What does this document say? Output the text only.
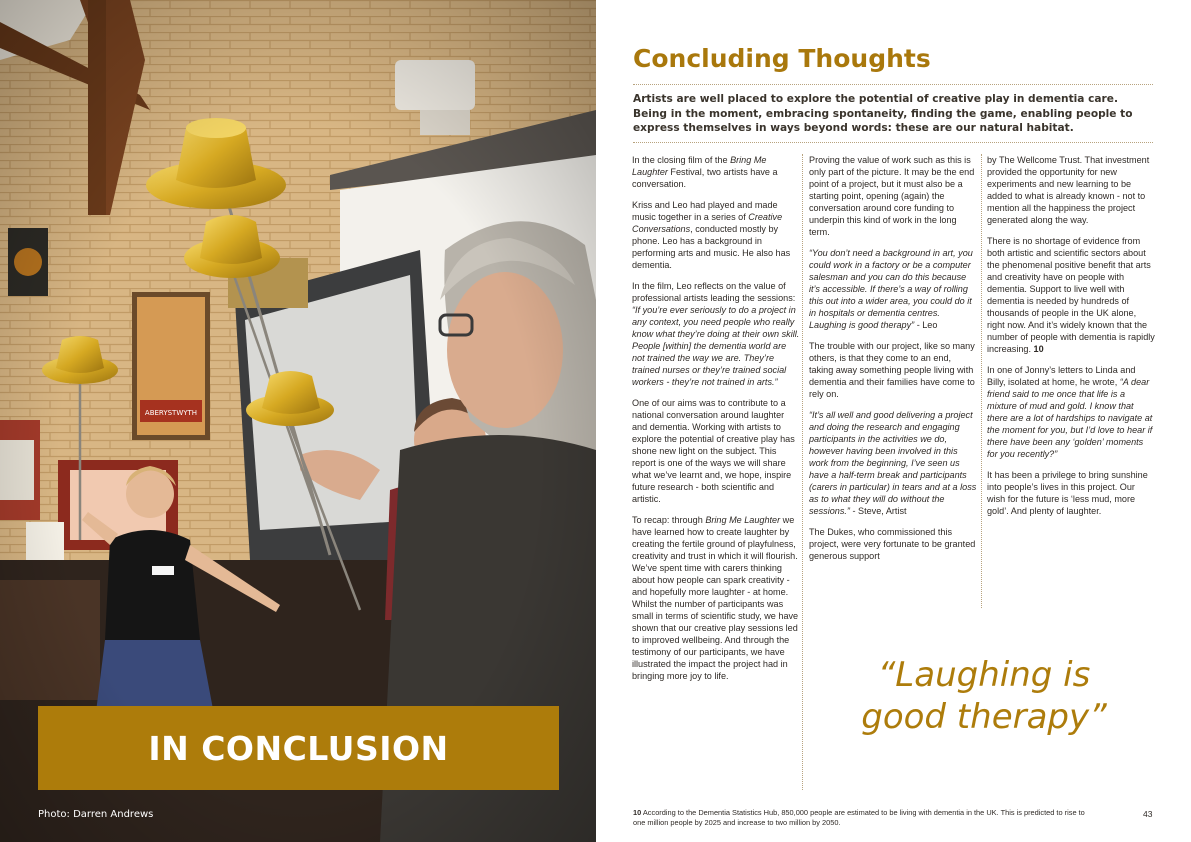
IN CONCLUSION
Photo: Darren Andrews
Concluding Thoughts

Artists are well placed to explore the potential of creative play in dementia care. Being in the moment, embracing spontaneity, finding the game, enabling people to express themselves in ways beyond words: these are our natural habitat.

In the closing film of the Bring Me Laughter Festival, two artists have a conversation.

Kriss and Leo had played and made music together in a series of Creative Conversations, conducted mostly by phone. Leo has a background in performing arts and music. He also has dementia.

In the film, Leo reflects on the value of professional artists leading the sessions:
“If you’re ever seriously to do a project in any context, you need people who really know what they’re doing at their own skill. People [within] the dementia world are not trained the way we are. They’re trained nurses or they’re trained social workers - they’re not trained in arts.”

One of our aims was to contribute to a national conversation around laughter and dementia. Working with artists to explore the potential of creative play has shone new light on the subject. This report is one of the ways we will share what we’ve learnt and, we hope, inspire future research - both scientific and artistic.

To recap: through Bring Me Laughter we have learned how to create laughter by creating the fertile ground of playfulness, creativity and trust in which it will flourish. We’ve spent time with carers thinking about how people can spark creativity - and hopefully more laughter - at home. Whilst the number of participants was small in terms of scientific study, we have shown that our creative play sessions led to improved wellbeing. And through the testimony of our participants, we have illustrated the impact the project had in bringing more joy to life.

Proving the value of work such as this is only part of the picture. It may be the end point of a project, but it must also be a starting point, opening (again) the conversation around core funding to underpin this kind of work in the long term.

“You don’t need a background in art, you could work in a factory or be a computer salesman and you can do this because it’s accessible. If there’s a way of rolling this out into a wider area, you could do it in hospitals or dementia centres. Laughing is good therapy” - Leo

The trouble with our project, like so many others, is that they come to an end, taking away something people living with dementia and their families have come to rely on.

“It’s all well and good delivering a project and doing the research and engaging participants in the activities we do, however having been involved in this work from the beginning, I’ve seen us have a half-term break and participants (carers in particular) in tears and at a loss as to what they will do without the sessions.” - Steve, Artist

The Dukes, who commissioned this project, were very fortunate to be granted generous support

by The Wellcome Trust. That investment provided the opportunity for new experiments and new learning to be added to what is already known - not to mention all the happiness the project generated along the way.

There is no shortage of evidence from both artistic and scientific sectors about the phenomenal positive benefit that arts and creativity have on people with dementia. Support to live well with dementia is needed by hundreds of thousands of people in the UK alone, right now. And it’s widely known that the number of people with dementia is rapidly increasing. 10

In one of Jonny’s letters to Linda and Billy, isolated at home, he wrote, “A dear friend said to me once that life is a mixture of mud and gold. I know that there are a lot of hardships to navigate at the moment for you, but I’d love to hear if there have been any ‘golden’ moments for you recently?”

It has been a privilege to bring sunshine into people’s lives in this project. Our wish for the future is ‘less mud, more gold’. And plenty of laughter.

“Laughing is
good therapy”
10 According to the Dementia Statistics Hub, 850,000 people are estimated to be living with dementia in the UK. This is predicted to rise to one million people by 2025 and increase to two million by 2050.
43
